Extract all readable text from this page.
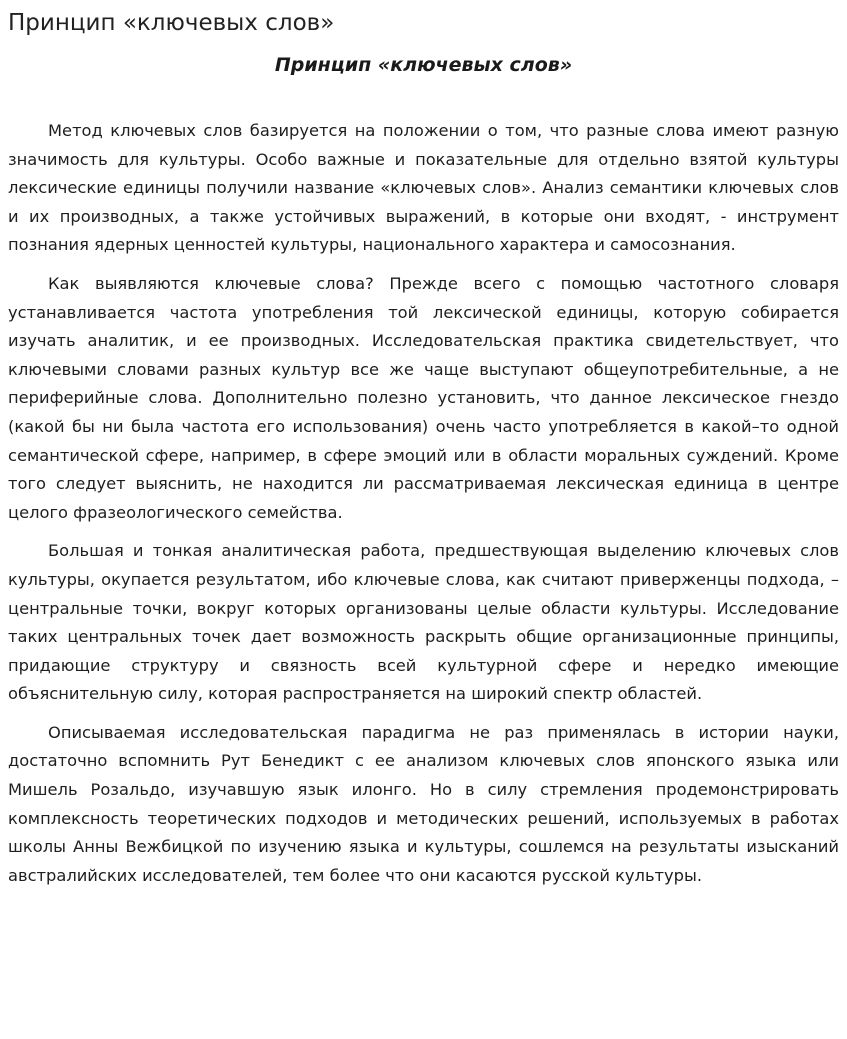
Принцип «ключевых слов»
Принцип «ключевых слов»

Метод ключевых слов базируется на положении о том, что разные слова имеют разную значимость для культуры. Особо важные и показательные для отдельно взятой культуры лексические единицы получили название «ключевых слов». Анализ семантики ключевых слов и их производных, а также устойчивых выражений, в которые они входят, - инструмент познания ядерных ценностей культуры, национального характера и самосознания.

Как выявляются ключевые слова? Прежде всего с помощью частотного словаря устанавливается частота употребления той лексической единицы, которую собирается изучать аналитик, и ее производных. Исследовательская практика свидетельствует, что ключевыми словами разных культур все же чаще выступают общеупотребительные, а не периферийные слова. Дополнительно полезно установить, что данное лексическое гнездо (какой бы ни была частота его использования) очень часто употребляется в какой–то одной семантической сфере, например, в сфере эмоций или в области моральных суждений. Кроме того следует выяснить, не находится ли рассматриваемая лексическая единица в центре целого фразеологического семейства.

Большая и тонкая аналитическая работа, предшествующая выделению ключевых слов культуры, окупается результатом, ибо ключевые слова, как считают приверженцы подхода, – центральные точки, вокруг которых организованы целые области культуры. Исследование таких центральных точек дает возможность раскрыть общие организационные принципы, придающие структуру и связность всей культурной сфере и нередко имеющие объяснительную силу, которая распространяется на широкий спектр областей.

Описываемая исследовательская парадигма не раз применялась в истории науки, достаточно вспомнить Рут Бенедикт с ее анализом ключевых слов японского языка или Мишель Розальдо, изучавшую язык илонго. Но в силу стремления продемонстрировать комплексность теоретических подходов и методических решений, используемых в работах школы Анны Вежбицкой по изучению языка и культуры, сошлемся на результаты изысканий австралийских исследователей, тем более что они касаются русской культуры.
